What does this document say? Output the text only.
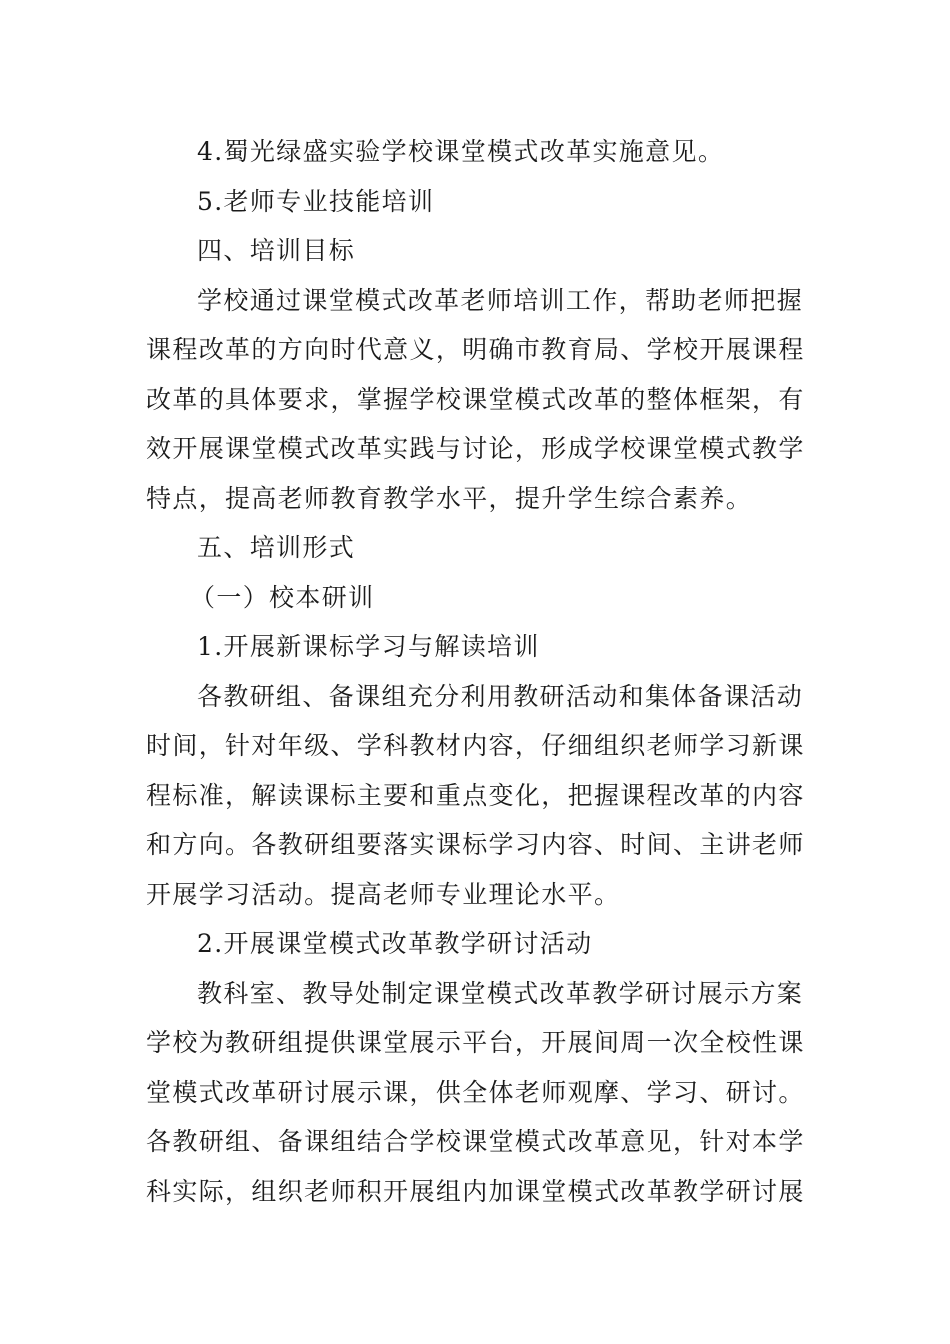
4.蜀光绿盛实验学校课堂模式改革实施意见。
5.老师专业技能培训
四、培训目标
学校通过课堂模式改革老师培训工作，帮助老师把握
课程改革的方向时代意义，明确市教育局、学校开展课程
改革的具体要求，掌握学校课堂模式改革的整体框架，有
效开展课堂模式改革实践与讨论，形成学校课堂模式教学
特点，提高老师教育教学水平，提升学生综合素养。
五、培训形式
（一）校本研训
1.开展新课标学习与解读培训
各教研组、备课组充分利用教研活动和集体备课活动
时间，针对年级、学科教材内容，仔细组织老师学习新课
程标准，解读课标主要和重点变化，把握课程改革的内容
和方向。各教研组要落实课标学习内容、时间、主讲老师
开展学习活动。提高老师专业理论水平。
2.开展课堂模式改革教学研讨活动
教科室、教导处制定课堂模式改革教学研讨展示方案
学校为教研组提供课堂展示平台，开展间周一次全校性课
堂模式改革研讨展示课，供全体老师观摩、学习、研讨。
各教研组、备课组结合学校课堂模式改革意见，针对本学
科实际，组织老师积开展组内加课堂模式改革教学研讨展
